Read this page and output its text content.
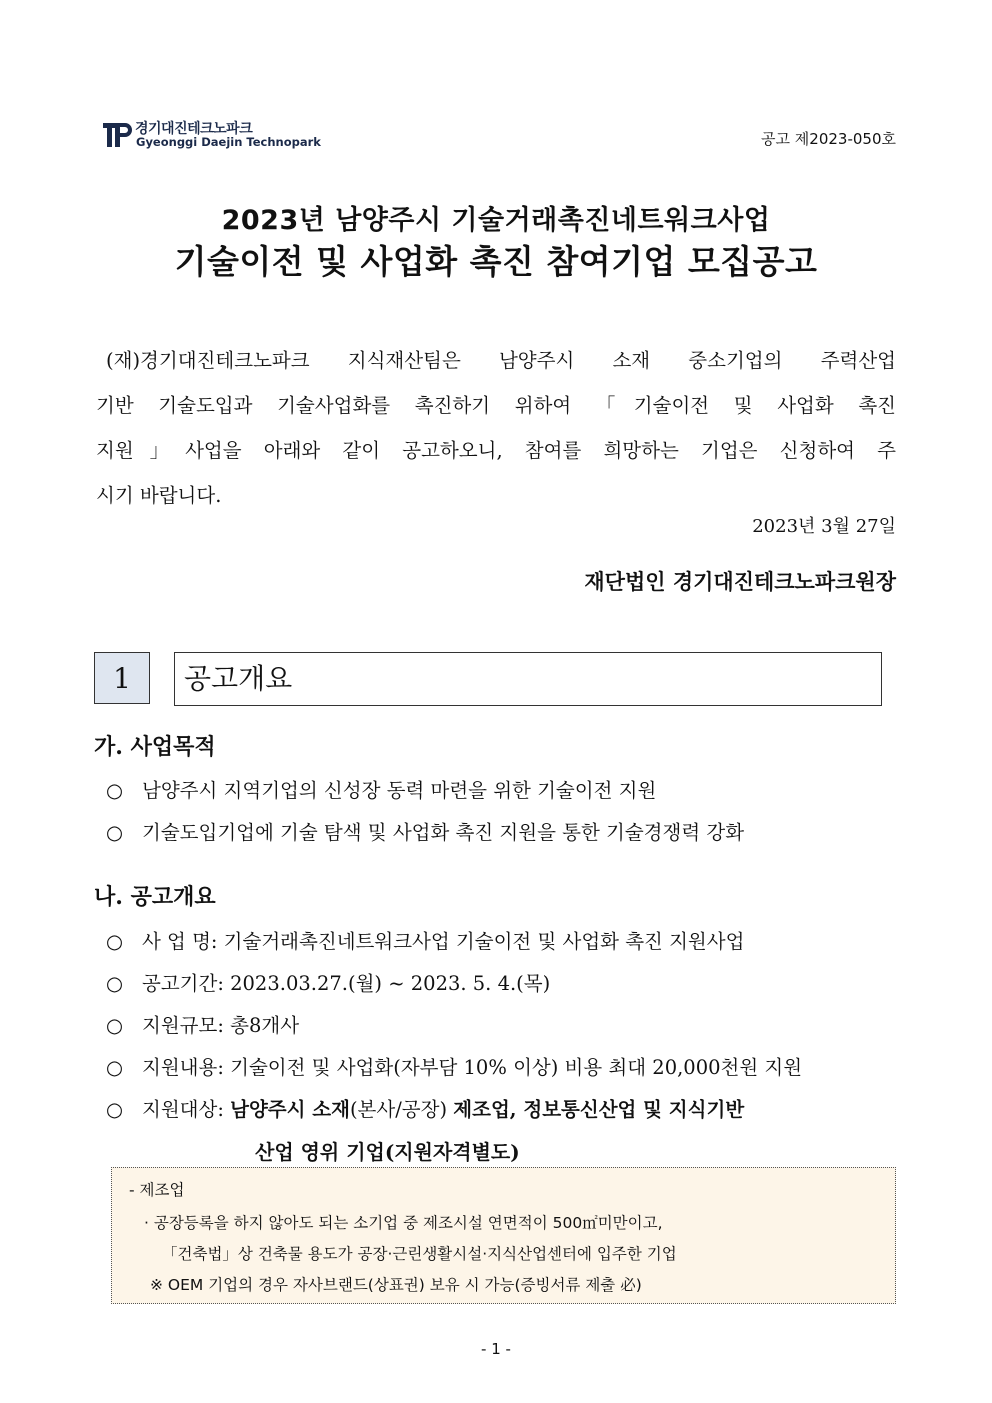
경기대진테크노파크
Gyeonggi Daejin Technopark	공고 제2023-050호
2023년 남양주시 기술거래촉진네트워크사업
기술이전 및 사업화 촉진 참여기업 모집공고
(재)경기대진테크노파크 지식재산팀은 남양주시 소재 중소기업의 주력산업
기반 기술도입과 기술사업화를 촉진하기 위하여 「기술이전 및 사업화 촉진
지원」사업을 아래와 같이 공고하오니, 참여를 희망하는 기업은 신청하여 주
시기 바랍니다.
2023년 3월 27일
재단법인 경기대진테크노파크원장
1	공고개요
가. 사업목적
○ 남양주시 지역기업의 신성장 동력 마련을 위한 기술이전 지원
○ 기술도입기업에 기술 탐색 및 사업화 촉진 지원을 통한 기술경쟁력 강화
나. 공고개요
○ 사 업 명: 기술거래촉진네트워크사업 기술이전 및 사업화 촉진 지원사업
○ 공고기간: 2023.03.27.(월) ~ 2023. 5. 4.(목)
○ 지원규모: 총8개사
○ 지원내용: 기술이전 및 사업화(자부담 10% 이상) 비용 최대 20,000천원 지원
○ 지원대상: 남양주시 소재(본사/공장) 제조업, 정보통신산업 및 지식기반
산업 영위 기업(지원자격별도)
- 제조업
· 공장등록을 하지 않아도 되는 소기업 중 제조시설 연면적이 500㎡미만이고,
「건축법」상 건축물 용도가 공장·근린생활시설·지식산업센터에 입주한 기업
※ OEM 기업의 경우 자사브랜드(상표권) 보유 시 가능(증빙서류 제출 必)
- 1 -
